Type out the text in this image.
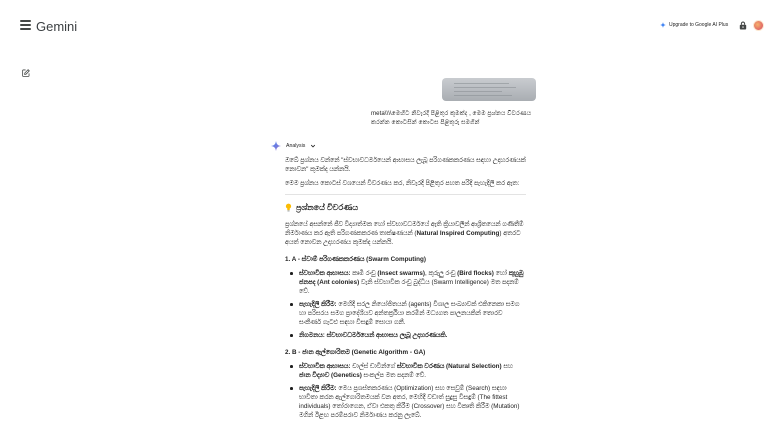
Gemini	Upgrade to Google AI Plus
meta\\\\මෙහිට නිවැරදි පිළිතුර කුමක්ද , මෙම ප්‍රශ්නය විවරණය කරන්න කොටසින් කොටස පිළිතුරු සමගින්
Analysis

ඔබේ ප්‍රශ්නය වන්නේ "ස්වභාවධර්මයෙන් ආභාසය ලැබූ පරිගණකකරණය සඳහා උදාහරණයක් නොවන" කුමක්ද යන්නයි.

මෙම ප්‍රශ්නය කොටස් වශයෙන් විවරණය කර, නිවැරදි පිළිතුර පහත පරිදි පැහැදිලි කර ඇත:

ප්‍රශ්නයේ විවරණය

ප්‍රශ්නයේ අසන්නේ ජීව විද්‍යාත්මක හෝ ස්වභාවධර්මයේ ඇති ක්‍රියාවලීන් ආශ්‍රිතයෙන් ගණිතීම් නිර්මාණය කර ඇති පරිගණකකරණ තාක්ෂණයන් (Natural Inspired Computing) අතරට අයත් නොවන උදාහරණය කුමක්ද යන්නයි.

1. A - ස්වාම් පරිගණකකරණය (Swarm Computing)
ස්වභාවික ආභාසය: කෘමි රංචු (Insect swarms), කුරුලු රංචු (Bird flocks) හෝ කුහුඹු ජනපද (Ant colonies) වැනි ස්වභාවික රංචු බුද්ධිය (Swarm Intelligence) මත පදනම් වේ.
පැහැදිලි කිරීම: මෙහිදී සරල නියෝජිතයන් (agents) විශාල සංඛ්‍යාවක් එකිනෙකා සමග හා පරිසරය සමග ප්‍රාදේශීයව අන්තර්ක්‍රියා කරමින් මධ්‍යගත පාලනයකින් තොරව සංකීර්ණ ගැටළු සඳහා විසඳුම් සොයා ගනී.
නිගමනය: ස්වභාවධර්මයෙන් ආභාසය ලැබූ උදාහරණයකි.
2. B - ජාන ඇල්ගොරිතම (Genetic Algorithm - GA)
ස්වභාවික ආභාසය: චාල්ස් ඩාවින්ගේ ස්වභාවික වරණය (Natural Selection) සහ ජාන විද්‍යාව (Genetics) සංකල්ප මත පදනම් වේ.
පැහැදිලි කිරීම: මෙය ප්‍රශස්තකරණය (Optimization) සහ සෙවුම් (Search) සඳහා භාවිතා කරන ඇල්ගොරිතමයක් වන අතර, මෙහිදී වඩාත් සුදුසු විසඳුම් (The fittest individuals) තෝරාගෙන, ඒවා එකතු කිරීම (Crossover) සහ විකෘති කිරීම (Mutation) මගින් ඊළඟ පරම්පරාව නිර්මාණය කරනු ලැබේ.
